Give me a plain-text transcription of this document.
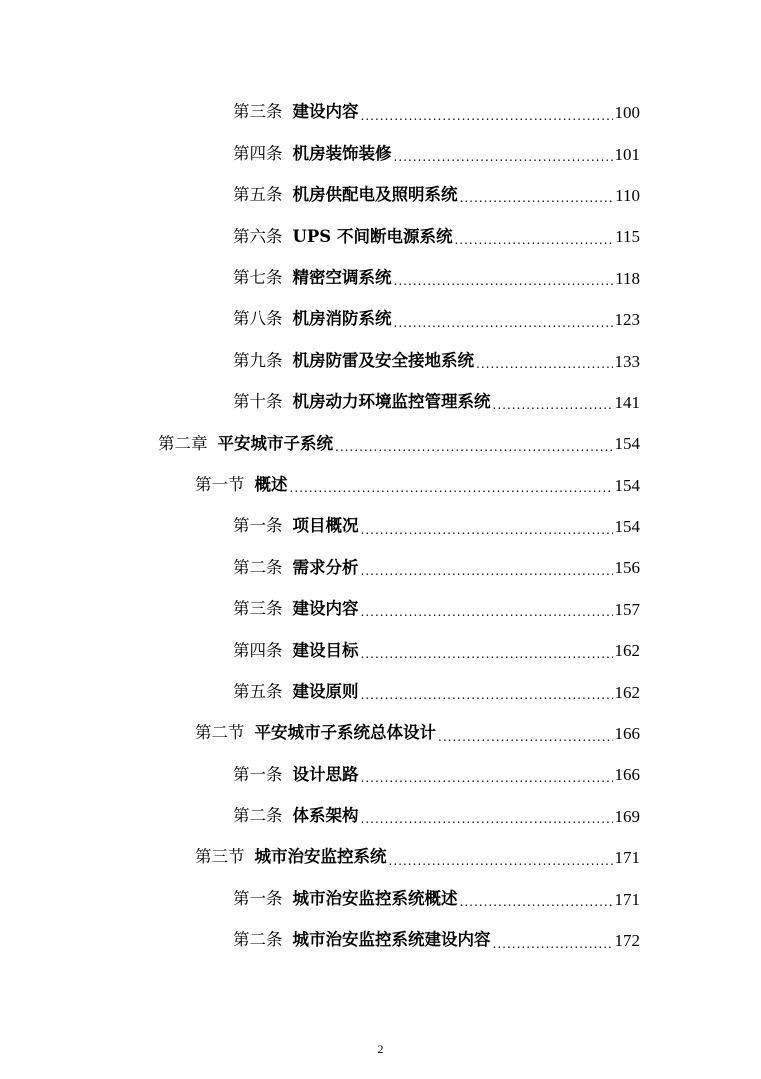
第三条 建设内容 .....	100
第四条 机房装饰装修 .....	101
第五条 机房供配电及照明系统 .....	110
第六条 UPS 不间断电源系统 .....	115
第七条 精密空调系统 .....	118
第八条 机房消防系统 .....	123
第九条 机房防雷及安全接地系统 .....	133
第十条 机房动力环境监控管理系统 .....	141
第二章 平安城市子系统 .....	154
第一节 概述 .....	154
第一条 项目概况 .....	154
第二条 需求分析 .....	156
第三条 建设内容 .....	157
第四条 建设目标 .....	162
第五条 建设原则 .....	162
第二节 平安城市子系统总体设计 .....	166
第一条 设计思路 .....	166
第二条 体系架构 .....	169
第三节 城市治安监控系统 .....	171
第一条 城市治安监控系统概述 .....	171
第二条 城市治安监控系统建设内容 .....	172
2
